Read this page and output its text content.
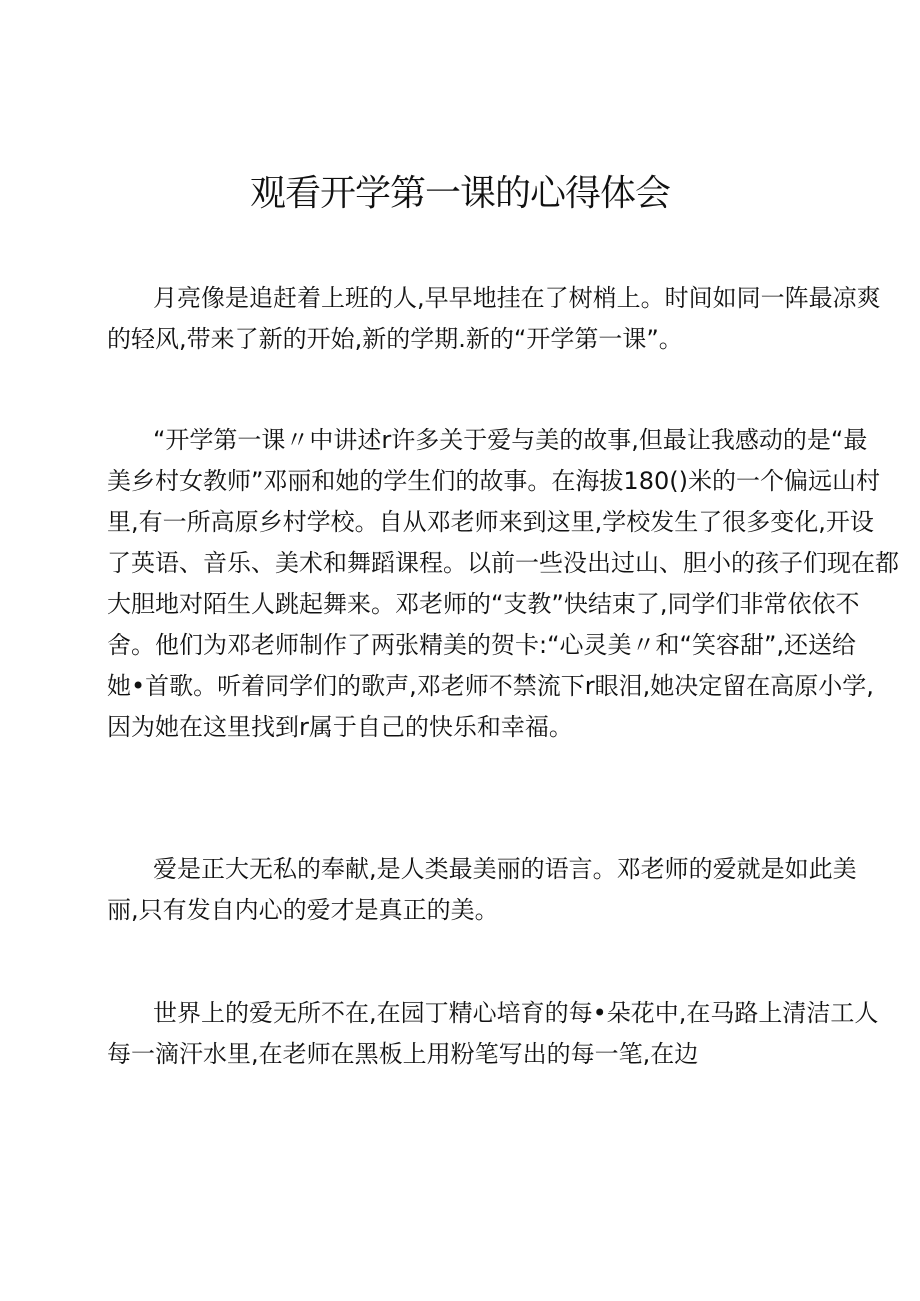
观看开学第一课的心得体会

月亮像是追赶着上班的人,早早地挂在了树梢上。时间如同一阵最凉爽
的轻风,带来了新的开始,新的学期.新的“开学第一课”。

“开学第一课〃中讲述r许多关于爱与美的故事,但最让我感动的是“最
美乡村女教师”邓丽和她的学生们的故事。在海拔180()米的一个偏远山村
里,有一所高原乡村学校。自从邓老师来到这里,学校发生了很多变化,开设
了英语、音乐、美术和舞蹈课程。以前一些没出过山、胆小的孩子们现在都
大胆地对陌生人跳起舞来。邓老师的“支教”快结束了,同学们非常依依不
舍。他们为邓老师制作了两张精美的贺卡:“心灵美〃和“笑容甜”,还送给
她•首歌。听着同学们的歌声,邓老师不禁流下r眼泪,她决定留在高原小学,
因为她在这里找到r属于自己的快乐和幸福。

爱是正大无私的奉献,是人类最美丽的语言。邓老师的爱就是如此美
丽,只有发自内心的爱才是真正的美。

世界上的爱无所不在,在园丁精心培育的每•朵花中,在马路上清洁工人
每一滴汗水里,在老师在黑板上用粉笔写出的每一笔,在边
